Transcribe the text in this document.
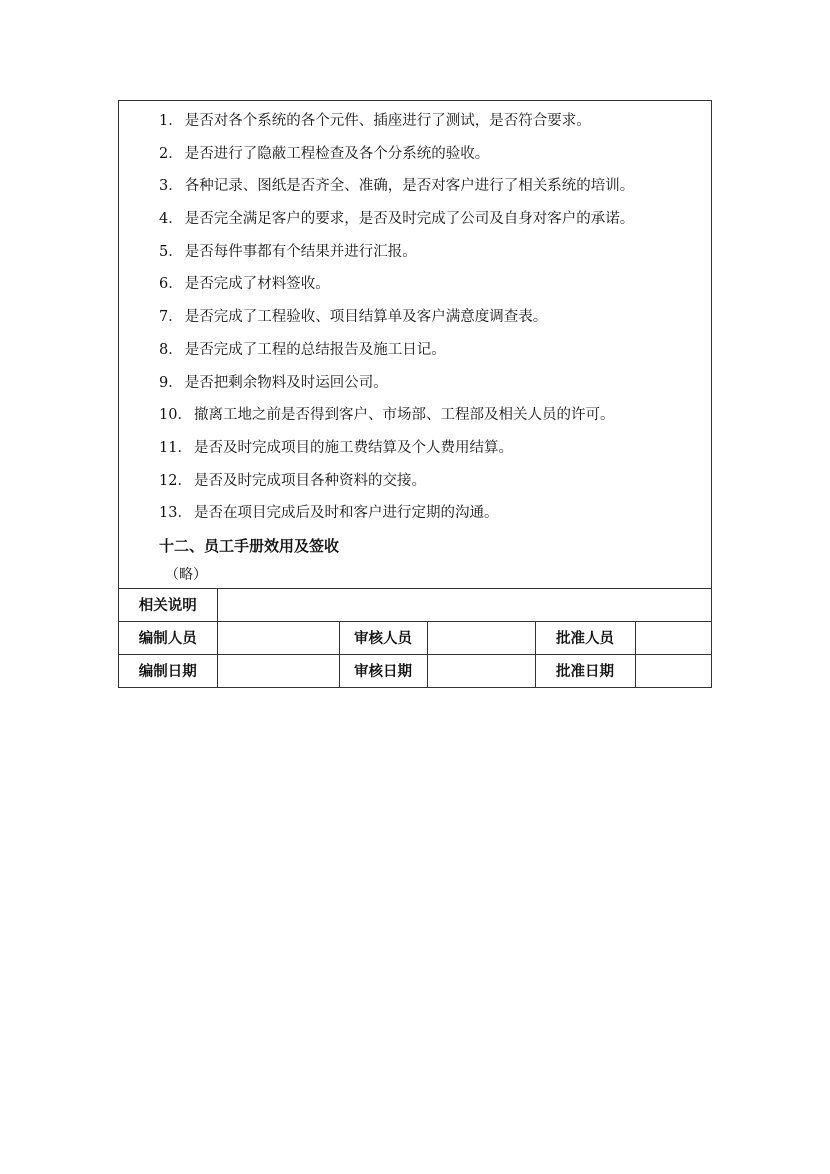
1． 是否对各个系统的各个元件、插座进行了测试，是否符合要求。
2． 是否进行了隐蔽工程检查及各个分系统的验收。
3． 各种记录、图纸是否齐全、准确，是否对客户进行了相关系统的培训。
4． 是否完全满足客户的要求，是否及时完成了公司及自身对客户的承诺。
5． 是否每件事都有个结果并进行汇报。
6． 是否完成了材料签收。
7． 是否完成了工程验收、项目结算单及客户满意度调查表。
8． 是否完成了工程的总结报告及施工日记。
9． 是否把剩余物料及时运回公司。
10． 撤离工地之前是否得到客户、市场部、工程部及相关人员的许可。
11． 是否及时完成项目的施工费结算及个人费用结算。
12． 是否及时完成项目各种资料的交接。
13． 是否在项目完成后及时和客户进行定期的沟通。
十二、员工手册效用及签收
（略）
相关说明					
编制人员		审核人员		批准人员	
编制日期		审核日期		批准日期	
